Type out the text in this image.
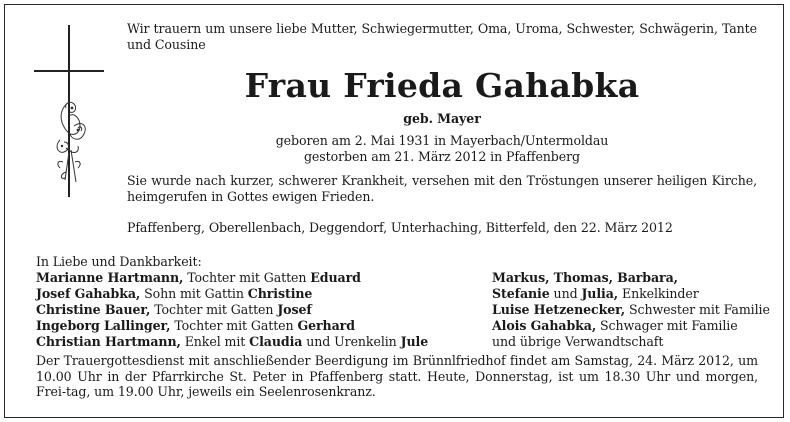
Wir trauern um unsere liebe Mutter, Schwiegermutter, Oma, Uroma, Schwester, Schwägerin, Tante und Cousine
Frau Frieda Gahabka
geb. Mayer
geboren am 2. Mai 1931 in Mayerbach/Untermoldau
gestorben am 21. März 2012 in Pfaffenberg
Sie wurde nach kurzer, schwerer Krankheit, versehen mit den Tröstungen unserer heiligen Kirche, heimgerufen in Gottes ewigen Frieden.
Pfaffenberg, Oberellenbach, Deggendorf, Unterhaching, Bitterfeld, den 22. März 2012
In Liebe und Dankbarkeit:
Marianne Hartmann, Tochter mit Gatten Eduard
Josef Gahabka, Sohn mit Gattin Christine
Christine Bauer, Tochter mit Gatten Josef
Ingeborg Lallinger, Tochter mit Gatten Gerhard
Christian Hartmann, Enkel mit Claudia und Urenkelin Jule
Markus, Thomas, Barbara,
Stefanie und Julia, Enkelkinder
Luise Hetzenecker, Schwester mit Familie
Alois Gahabka, Schwager mit Familie
und übrige Verwandtschaft
Der Trauergottesdienst mit anschließender Beerdigung im Brünnlfriedhof findet am Samstag, 24. März 2012, um 10.00 Uhr in der Pfarrkirche St. Peter in Pfaffenberg statt. Heute, Donnerstag, ist um 18.30 Uhr und morgen, Frei-tag, um 19.00 Uhr, jeweils ein Seelenrosenkranz.
